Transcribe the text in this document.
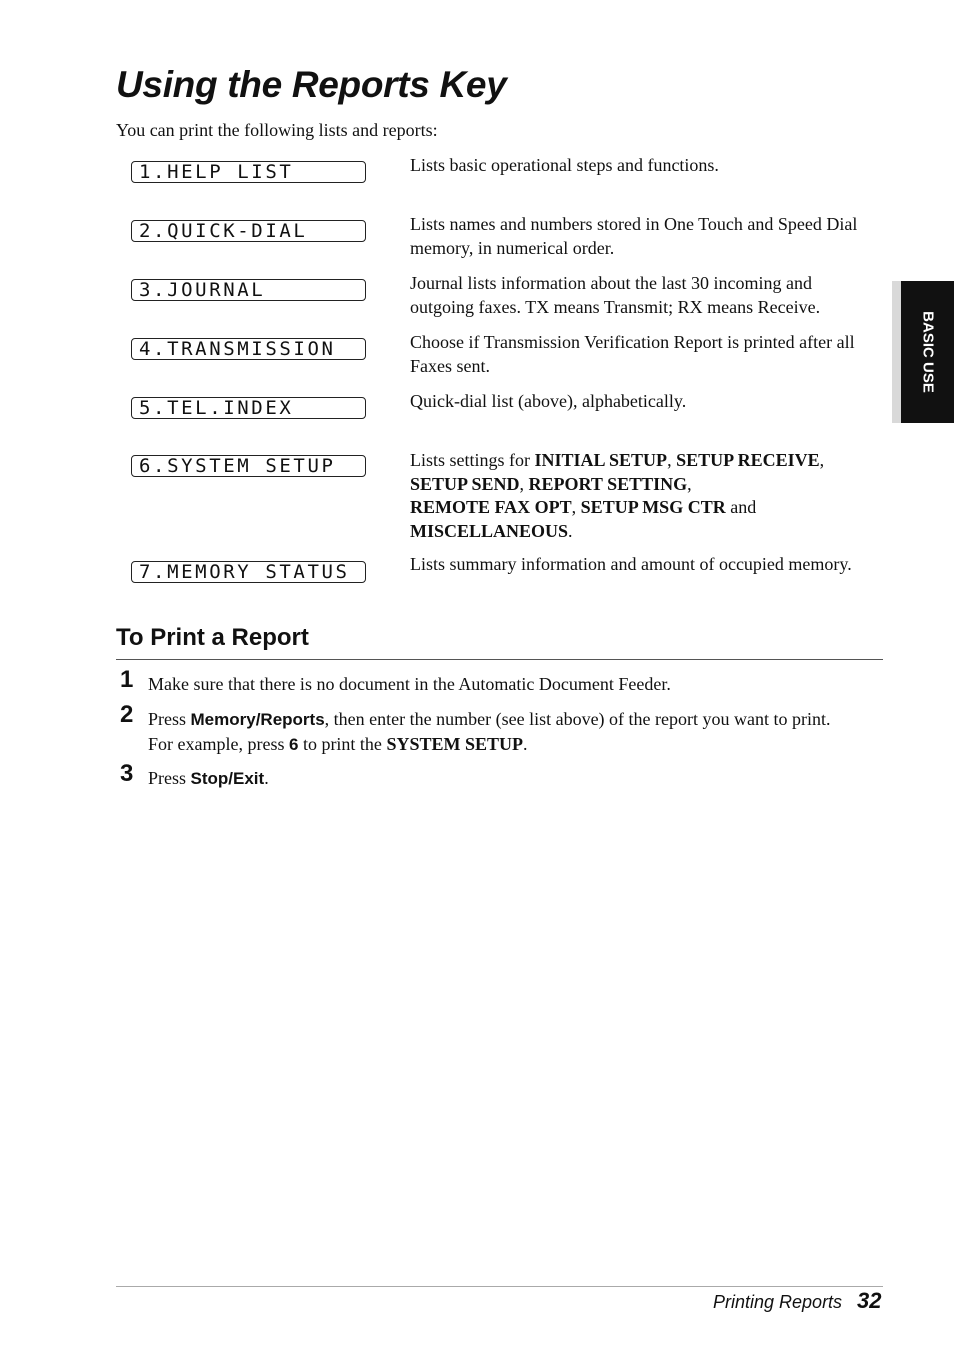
Using the Reports Key
You can print the following lists and reports:
1.HELP LIST	Lists basic operational steps and functions.
2.QUICK-DIAL	Lists names and numbers stored in One Touch and Speed Dial memory, in numerical order.
3.JOURNAL	Journal lists information about the last 30 incoming and outgoing faxes. TX means Transmit; RX means Receive.
4.TRANSMISSION	Choose if Transmission Verification Report is printed after all Faxes sent.
5.TEL.INDEX	Quick-dial list (above), alphabetically.
6.SYSTEM SETUP	Lists settings for INITIAL SETUP, SETUP RECEIVE,
SETUP SEND, REPORT SETTING,
REMOTE FAX OPT, SETUP MSG CTR and
MISCELLANEOUS.
7.MEMORY STATUS	Lists summary information and amount of occupied memory.
To Print a Report
1 Make sure that there is no document in the Automatic Document Feeder.
2 Press Memory/Reports, then enter the number (see list above) of the report you want to print.
For example, press 6 to print the SYSTEM SETUP.
3 Press Stop/Exit.
BASIC USE
Printing Reports 32
